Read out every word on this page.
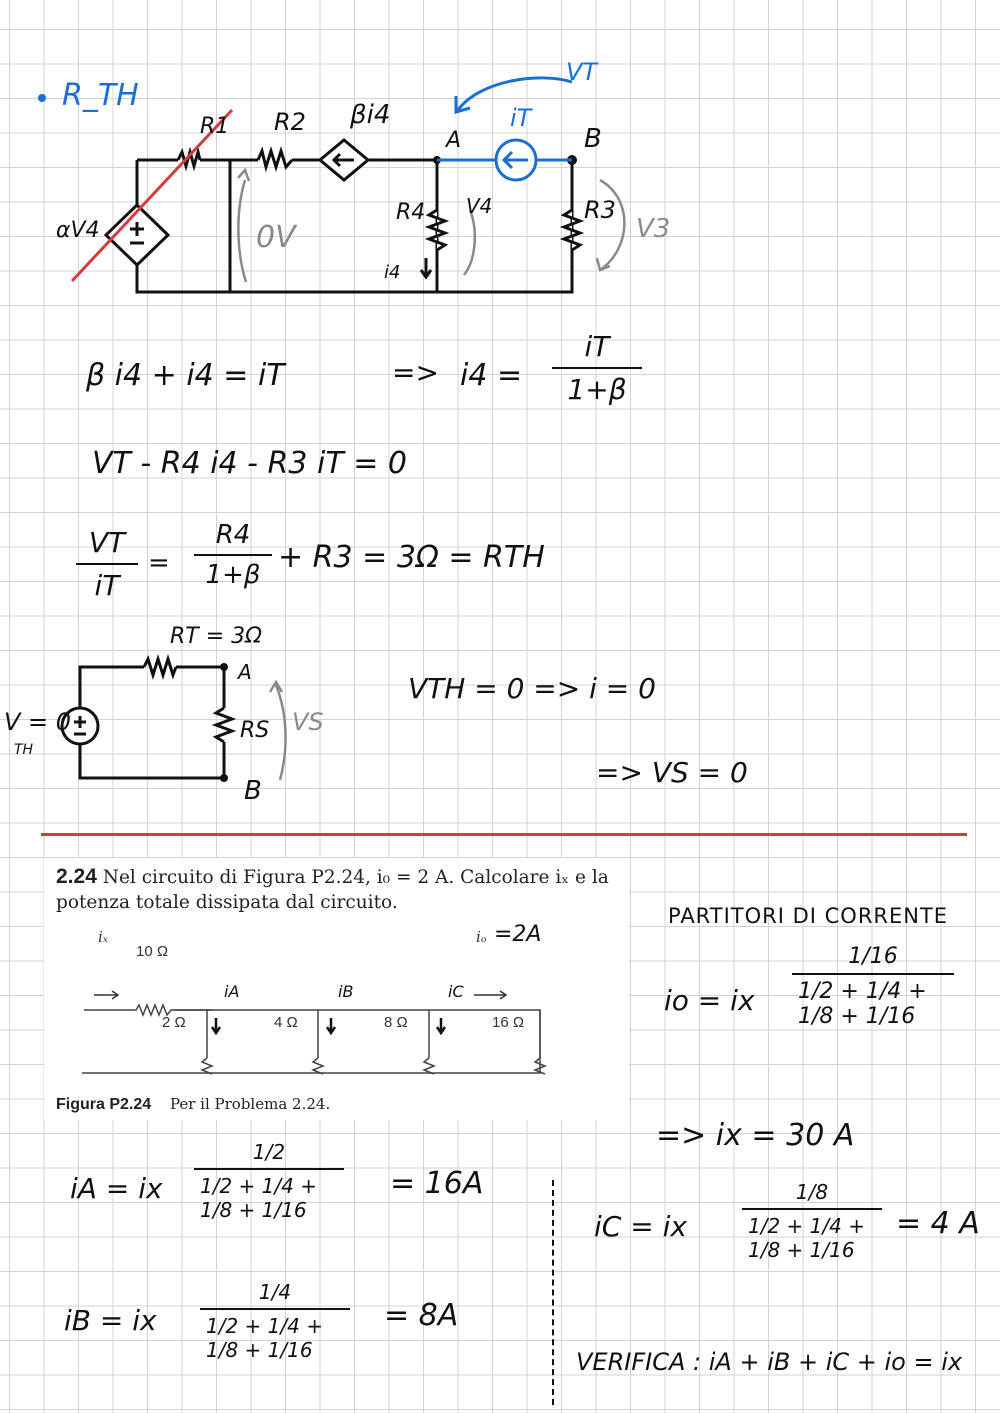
R_TH
R1 R2 βi4
A	B
iT
VT
αV4	0V
R4 V4
i4
R3
V3
β i4 + i4 = iT	=> i4 =
iT
1+β
VT - R4 i4 - R3 iT = 0
VT
iT
=
R4
1+β + R3 = 3Ω = RTH
RT = 3Ω
A
B
V = 0
TH
RS VS
VTH = 0 => i = 0
=> VS = 0
2.24 Nel circuito di Figura P2.24, i₀ = 2 A. Calcolare iₓ e la potenza totale dissipata dal circuito.
iₓ
10 Ω
2 Ω	4 Ω	8 Ω	16 Ω
iₒ =2A
iA	iB	iC
Figura P2.24 Per il Problema 2.24.
PARTITORI DI CORRENTE
io = ix
1/16
1/2 + 1/4 + 1/8 + 1/16
=> ix = 30 A
iA = ix
1/2
1/2 + 1/4 + 1/8 + 1/16
= 16A
iB = ix
1/4
1/2 + 1/4 + 1/8 + 1/16
= 8A
iC = ix
1/8
1/2 + 1/4 + 1/8 + 1/16
= 4 A
VERIFICA : iA + iB + iC + io = ix
